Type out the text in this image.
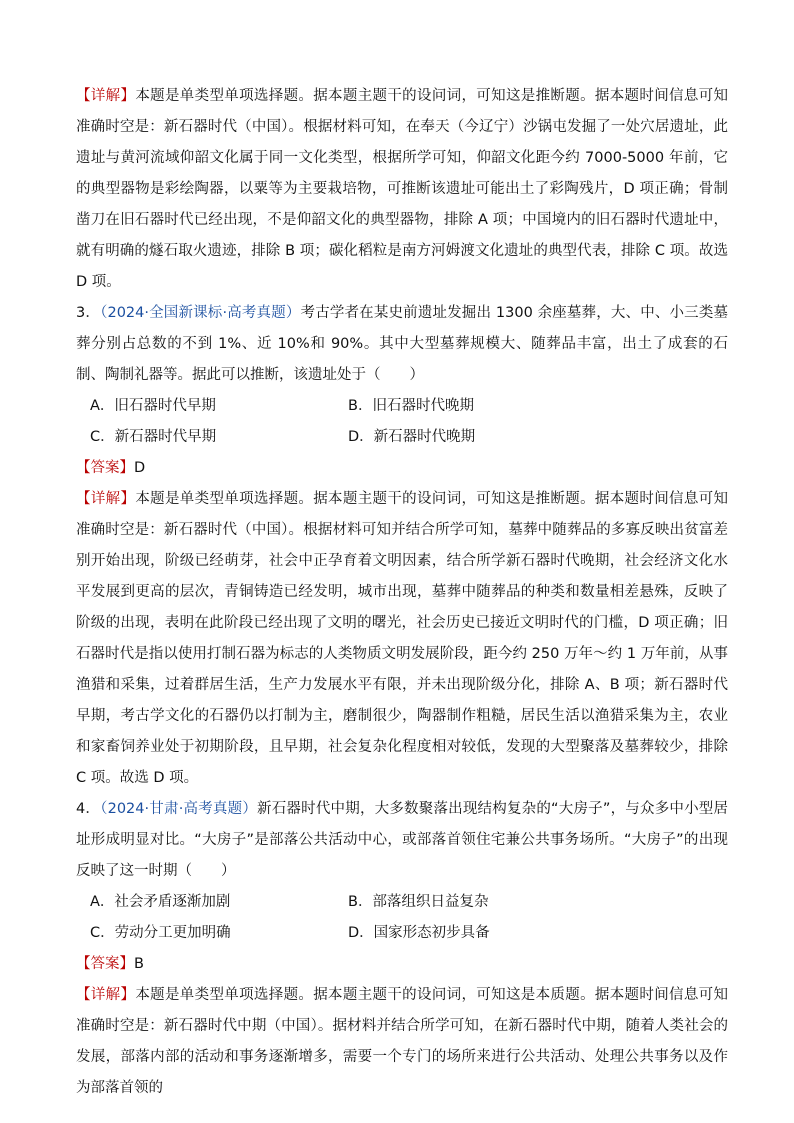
【详解】本题是单类型单项选择题。据本题主题干的设问词，可知这是推断题。据本题时间信息可知准确时空是：新石器时代（中国）。根据材料可知，在奉天（今辽宁）沙锅屯发掘了一处穴居遗址，此遗址与黄河流域仰韶文化属于同一文化类型，根据所学可知，仰韶文化距今约 7000-5000 年前，它的典型器物是彩绘陶器，以粟等为主要栽培物，可推断该遗址可能出土了彩陶残片，D 项正确；骨制凿刀在旧石器时代已经出现，不是仰韶文化的典型器物，排除 A 项；中国境内的旧石器时代遗址中，就有明确的燧石取火遗迹，排除 B 项；碳化稻粒是南方河姆渡文化遗址的典型代表，排除 C 项。故选 D 项。

3．（2024·全国新课标·高考真题）考古学者在某史前遗址发掘出 1300 余座墓葬，大、中、小三类墓葬分别占总数的不到 1%、近 10%和 90%。其中大型墓葬规模大、随葬品丰富，出土了成套的石制、陶制礼器等。据此可以推断，该遗址处于（　　）

A．旧石器时代早期	B．旧石器时代晚期
C．新石器时代早期	D．新石器时代晚期

【答案】D

【详解】本题是单类型单项选择题。据本题主题干的设问词，可知这是推断题。据本题时间信息可知准确时空是：新石器时代（中国）。根据材料可知并结合所学可知，墓葬中随葬品的多寡反映出贫富差别开始出现，阶级已经萌芽，社会中正孕育着文明因素，结合所学新石器时代晚期，社会经济文化水平发展到更高的层次，青铜铸造已经发明，城市出现，墓葬中随葬品的种类和数量相差悬殊，反映了阶级的出现，表明在此阶段已经出现了文明的曙光，社会历史已接近文明时代的门槛，D 项正确；旧石器时代是指以使用打制石器为标志的人类物质文明发展阶段，距今约 250 万年～约 1 万年前，从事渔猎和采集，过着群居生活，生产力发展水平有限，并未出现阶级分化，排除 A、B 项；新石器时代早期，考古学文化的石器仍以打制为主，磨制很少，陶器制作粗糙，居民生活以渔猎采集为主，农业和家畜饲养业处于初期阶段，且早期，社会复杂化程度相对较低，发现的大型聚落及墓葬较少，排除 C 项。故选 D 项。

4．（2024·甘肃·高考真题）新石器时代中期，大多数聚落出现结构复杂的“大房子”，与众多中小型居址形成明显对比。“大房子”是部落公共活动中心，或部落首领住宅兼公共事务场所。“大房子”的出现反映了这一时期（　　）

A．社会矛盾逐渐加剧	B．部落组织日益复杂
C．劳动分工更加明确	D．国家形态初步具备

【答案】B

【详解】本题是单类型单项选择题。据本题主题干的设问词，可知这是本质题。据本题时间信息可知准确时空是：新石器时代中期（中国）。据材料并结合所学可知，在新石器时代中期，随着人类社会的发展，部落内部的活动和事务逐渐增多，需要一个专门的场所来进行公共活动、处理公共事务以及作为部落首领的
